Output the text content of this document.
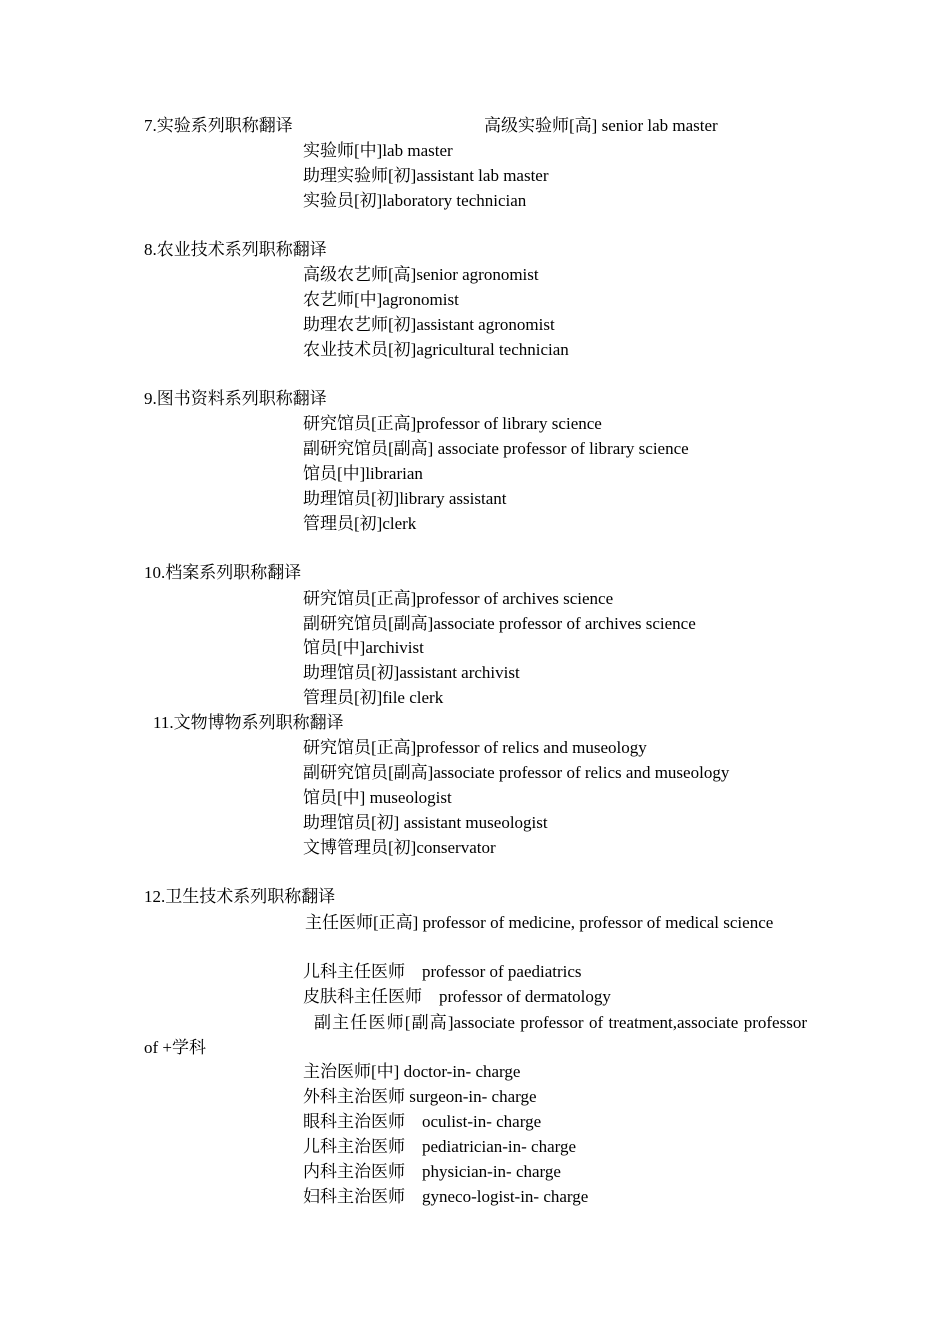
7.实验系列职称翻译	高级实验师[高] senior lab master
实验师[中]lab master
助理实验师[初]assistant lab master
实验员[初]laboratory technician
8.农业技术系列职称翻译
高级农艺师[高]senior agronomist
农艺师[中]agronomist
助理农艺师[初]assistant agronomist
农业技术员[初]agricultural technician
9.图书资料系列职称翻译
研究馆员[正高]professor of library science
副研究馆员[副高] associate professor of library science
馆员[中]librarian
助理馆员[初]library assistant
管理员[初]clerk
10.档案系列职称翻译
研究馆员[正高]professor of archives science
副研究馆员[副高]associate professor of archives science
馆员[中]archivist
助理馆员[初]assistant archivist
管理员[初]file clerk
11.文物博物系列职称翻译
研究馆员[正高]professor of relics and museology
副研究馆员[副高]associate professor of relics and museology
馆员[中] museologist
助理馆员[初] assistant museologist
文博管理员[初]conservator
12.卫生技术系列职称翻译
主任医师[正高] professor of medicine, professor of medical science
儿科主任医师　professor of paediatrics
皮肤科主任医师　professor of dermatology
副主任医师[副高]associate professor of treatment,associate professor of +学科
主治医师[中] doctor-in- charge
外科主治医师 surgeon-in- charge
眼科主治医师　oculist-in- charge
儿科主治医师　pediatrician-in- charge
内科主治医师　physician-in- charge
妇科主治医师　gyneco-logist-in- charge
